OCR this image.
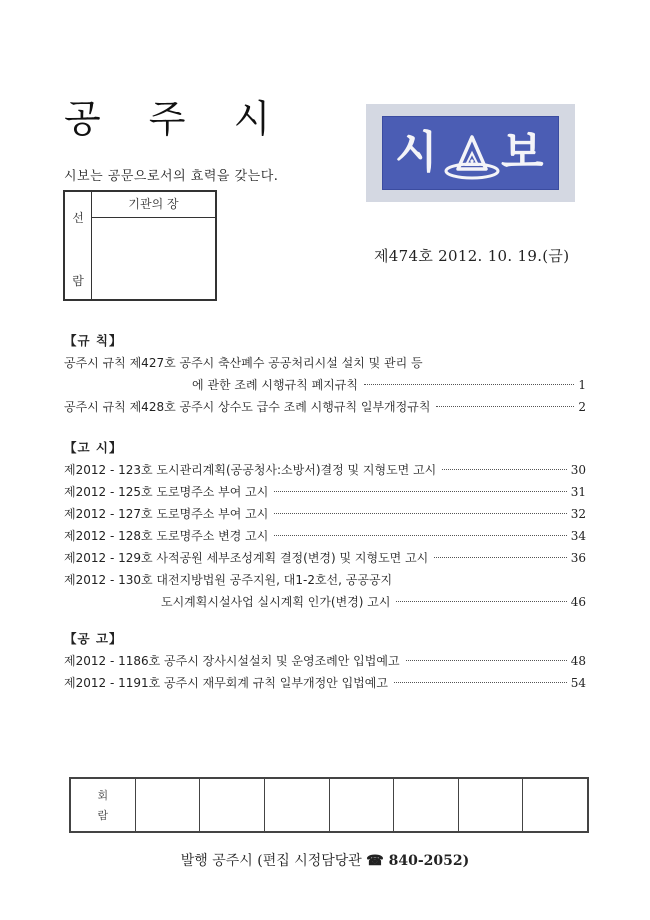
공 주 시
시보는 공문으로서의 효력을 갖는다.
선
람
기관의 장
시 보
제474호 2012. 10. 19.(금)
【규 칙】
공주시 규칙 제427호 공주시 축산폐수 공공처리시설 설치 및 관리 등
에 관한 조례 시행규칙 폐지규칙	1
공주시 규칙 제428호 공주시 상수도 급수 조례 시행규칙 일부개정규칙	2
【고 시】
제2012 - 123호 도시관리계획(공공청사:소방서)결정 및 지형도면 고시	30
제2012 - 125호 도로명주소 부여 고시	31
제2012 - 127호 도로명주소 부여 고시	32
제2012 - 128호 도로명주소 변경 고시	34
제2012 - 129호 사적공원 세부조성계획 결정(변경) 및 지형도면 고시	36
제2012 - 130호 대전지방법원 공주지원, 대1-2호선, 공공공지
도시계획시설사업 실시계획 인가(변경) 고시	46
【공 고】
제2012 - 1186호 공주시 장사시설설치 및 운영조례안 입법예고	48
제2012 - 1191호 공주시 재무회계 규칙 일부개정안 입법예고	54
회
람
발행 공주시 (편집 시정담당관 ☎ 840-2052)
